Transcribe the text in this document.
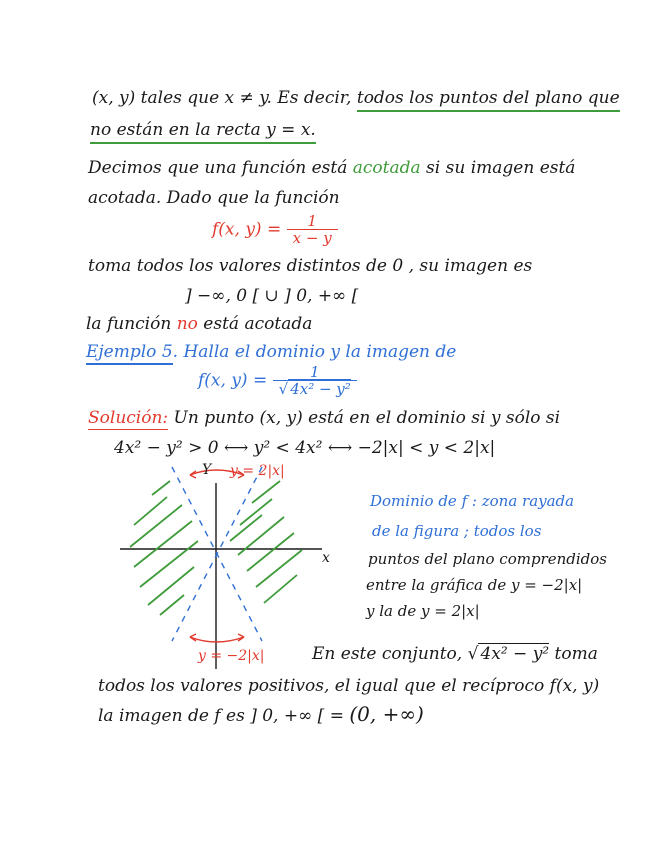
(x, y) tales que x ≠ y. Es decir, todos los puntos del plano que
no están en la recta y = x.
Decimos que una función está acotada si su imagen está
acotada. Dado que la función
f(x, $y) = \frac{1}{x - y}$
toma todos los valores distintos de 0 , su imagen es
] −∞, 0 [ ∪ ] 0, +∞ [
la función no está acotada
Ejemplo 5. Halla el dominio y la imagen de
f(x, $y) = \frac{1}{\text{√ 4x² − y²}}$
Solución: Un punto (x, y) está en el dominio si y sólo si
4x² − y² > 0 ⟷ y² < 4x² ⟷ −2|x| < y < 2|x|
Y y = 2|x|
x
y = −2|x|
Dominio de f : zona rayada
de la figura ; todos los
puntos del plano comprendidos
entre la gráfica de y = −2|x|
y la de y = 2|x|
En este conjunto, √ 4x² − y² toma
todos los valores positivos, el igual que el recíproco f(x, y)
la imagen de f es ] 0, +∞ [ = (0, +∞)
